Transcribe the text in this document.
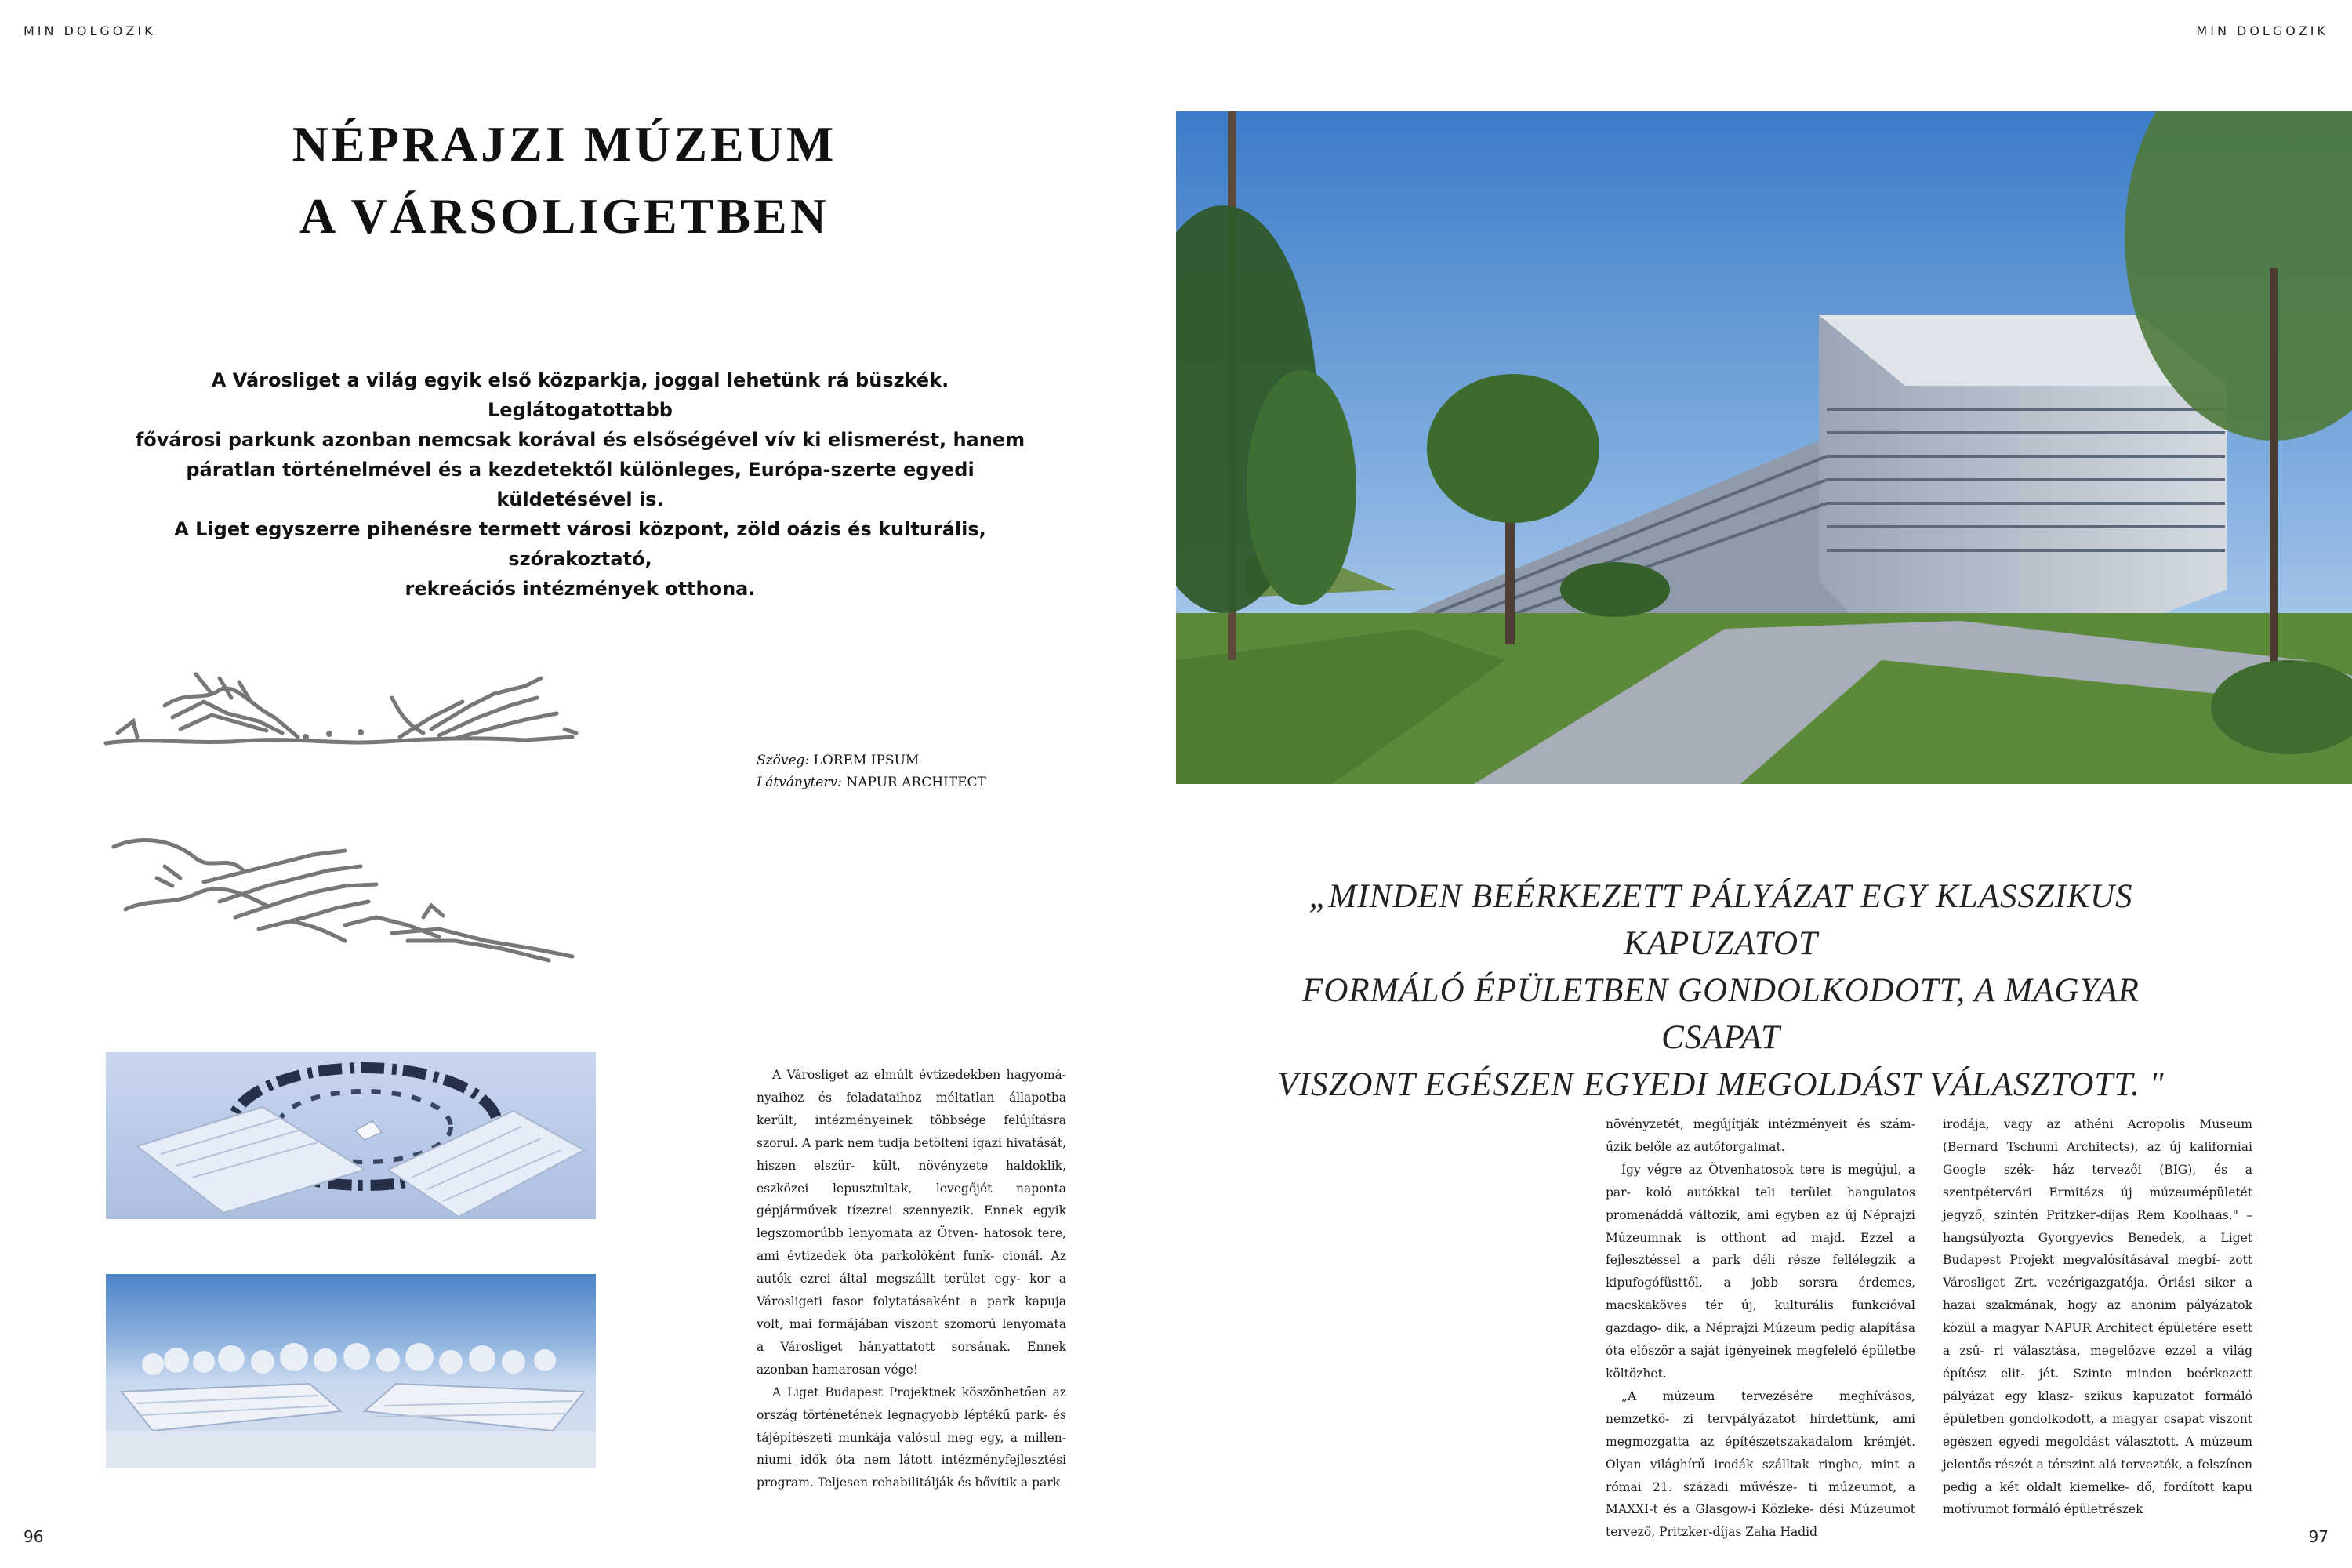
MIN DOLGOZIK	MIN DOLGOZIK
NÉPRAJZI MÚZEUM
A VÁRSOLIGETBEN
A Városliget a világ egyik első közparkja, joggal lehetünk rá büszkék. Leglátogatottabb
fővárosi parkunk azonban nemcsak korával és elsőségével vív ki elismerést, hanem
páratlan történelmével és a kezdetektől különleges, Európa-szerte egyedi küldetésével is.
A Liget egyszerre pihenésre termett városi központ, zöld oázis és kulturális, szórakoztató,
rekreációs intézmények otthona.
Szöveg: LOREM IPSUM
Látványterv: NAPUR ARCHITECT

A Városliget az elmúlt évtizedekben hagyomá- nyaihoz és feladataihoz méltatlan állapotba került, intézményeinek többsége felújításra szorul. A park nem tudja betölteni igazi hivatását, hiszen elszür- kült, növényzete haldoklik, eszközei lepusztultak, levegőjét naponta gépjárművek tízezrei szennyezik. Ennek egyik legszomorúbb lenyomata az Ötven- hatosok tere, ami évtizedek óta parkolóként funk- cionál. Az autók ezrei által megszállt terület egy- kor a Városligeti fasor folytatásaként a park kapuja volt, mai formájában viszont szomorú lenyomata a Városliget hányattatott sorsának. Ennek azonban hamarosan vége!

A Liget Budapest Projektnek köszönhetően az ország történetének legnagyobb léptékű park- és tájépítészeti munkája valósul meg egy, a millen- niumi idők óta nem látott intézményfejlesztési program. Teljesen rehabilitálják és bővítik a park

„MINDEN BEÉRKEZETT PÁLYÁZAT EGY KLASSZIKUS KAPUZATOT
FORMÁLÓ ÉPÜLETBEN GONDOLKODOTT, A MAGYAR CSAPAT
VISZONT EGÉSZEN EGYEDI MEGOLDÁST VÁLASZTOTT. "

növényzetét, megújítják intézményeit és szám- űzik belőle az autóforgalmat.

Így végre az Ötvenhatosok tere is megújul, a par- koló autókkal teli terület hangulatos promenáddá változik, ami egyben az új Néprajzi Múzeumnak is otthont ad majd. Ezzel a fejlesztéssel a park déli része fellélegzik a kipufogófüsttől, a jobb sorsra érdemes, macskaköves tér új, kulturális funkcióval gazdago- dik, a Néprajzi Múzeum pedig alapítása óta először a saját igényeinek megfelelő épületbe költözhet.

„A múzeum tervezésére meghívásos, nemzetkö- zi tervpályázatot hirdettünk, ami megmozgatta az építészetszakadalom krémjét. Olyan világhírű irodák szálltak ringbe, mint a római 21. századi művésze- ti múzeumot, a MAXXI-t és a Glasgow-i Közleke- dési Múzeumot tervező, Pritzker-díjas Zaha Hadid

irodája, vagy az athéni Acropolis Museum (Bernard Tschumi Architects), az új kaliforniai Google szék- ház tervezői (BIG), és a szentpétervári Ermitázs új múzeumépületét jegyző, szintén Pritzker-díjas Rem Koolhaas." – hangsúlyozta Gyorgyevics Benedek, a Liget Budapest Projekt megvalósításával megbí- zott Városliget Zrt. vezérigazgatója. Óriási siker a hazai szakmának, hogy az anonim pályázatok közül a magyar NAPUR Architect épületére esett a zsű- ri választása, megelőzve ezzel a világ építész elit- jét. Szinte minden beérkezett pályázat egy klasz- szikus kapuzatot formáló épületben gondolkodott, a magyar csapat viszont egészen egyedi megoldást választott. A múzeum jelentős részét a térszint alá tervezték, a felszínen pedig a két oldalt kiemelke- dő, fordított kapu motívumot formáló épületrészek

96	97
